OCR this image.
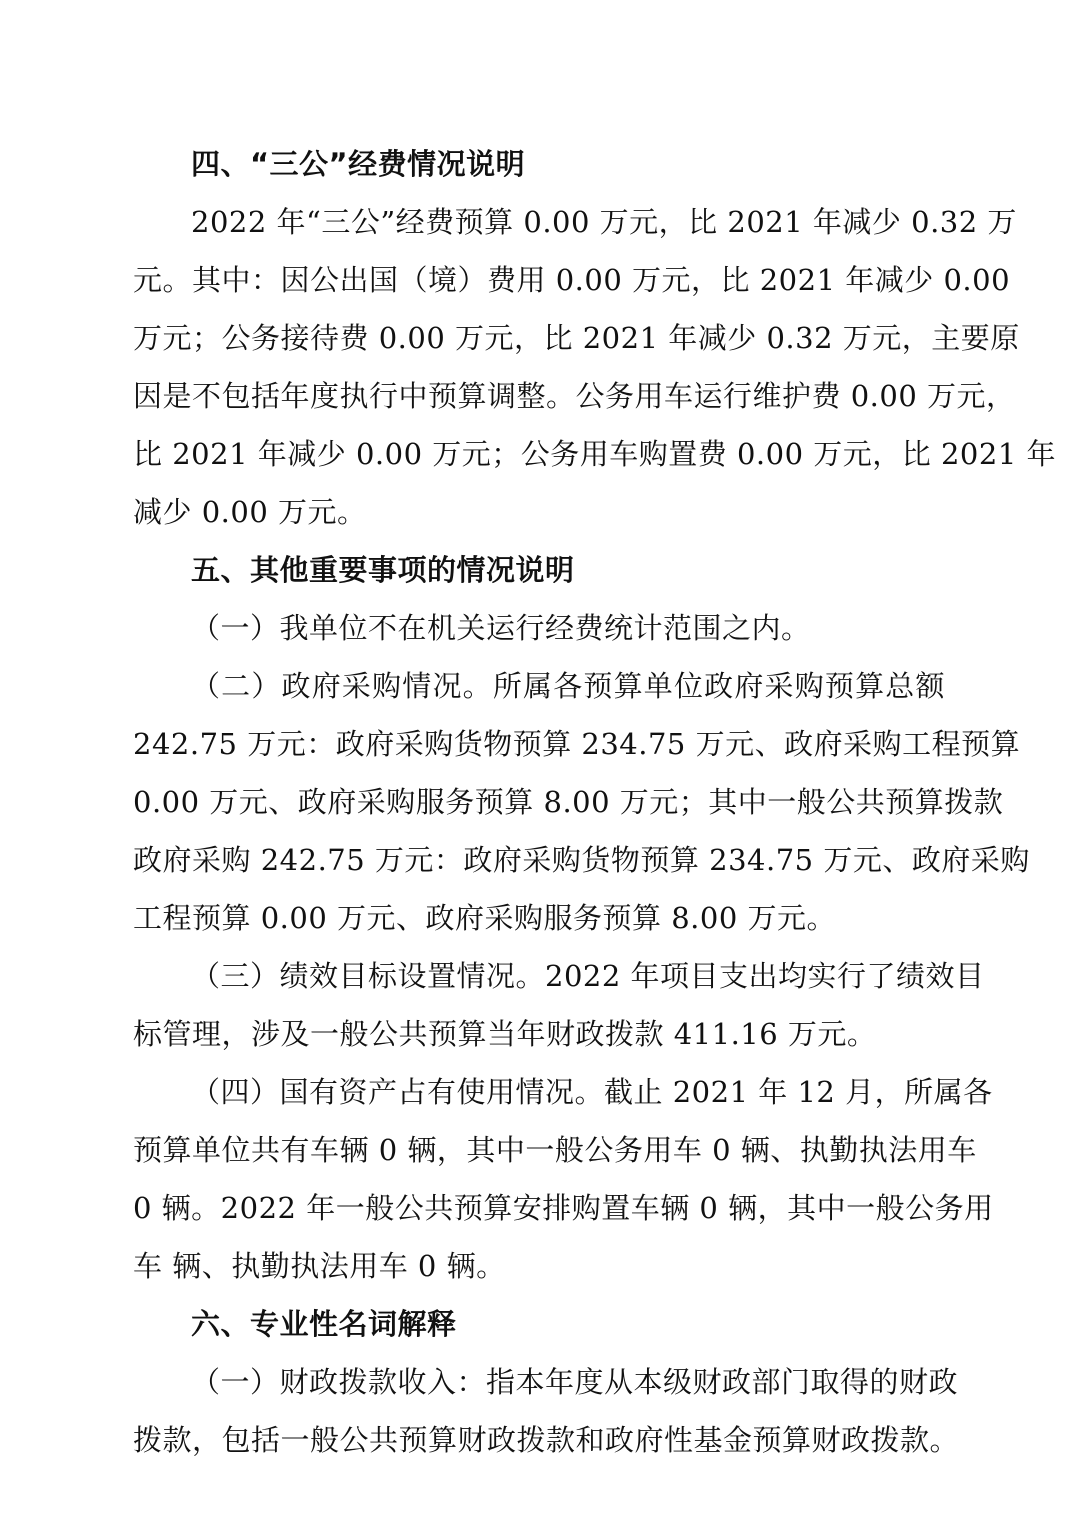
四、“三公”经费情况说明
2022 年“三公”经费预算 0.00 万元，比 2021 年减少 0.32 万
元。其中：因公出国（境）费用 0.00 万元，比 2021 年减少 0.00
万元；公务接待费 0.00 万元，比 2021 年减少 0.32 万元，主要原
因是不包括年度执行中预算调整。公务用车运行维护费 0.00 万元，
比 2021 年减少 0.00 万元；公务用车购置费 0.00 万元，比 2021 年
减少 0.00 万元。
五、其他重要事项的情况说明
（一）我单位不在机关运行经费统计范围之内。
（二）政府采购情况。所属各预算单位政府采购预算总额
242.75 万元：政府采购货物预算 234.75 万元、政府采购工程预算
0.00 万元、政府采购服务预算 8.00 万元；其中一般公共预算拨款
政府采购 242.75 万元：政府采购货物预算 234.75 万元、政府采购
工程预算 0.00 万元、政府采购服务预算 8.00 万元。
（三）绩效目标设置情况。2022 年项目支出均实行了绩效目
标管理，涉及一般公共预算当年财政拨款 411.16 万元。
（四）国有资产占有使用情况。截止 2021 年 12 月，所属各
预算单位共有车辆 0 辆，其中一般公务用车 0 辆、执勤执法用车
0 辆。2022 年一般公共预算安排购置车辆 0 辆，其中一般公务用
车 辆、执勤执法用车 0 辆。
六、专业性名词解释
（一）财政拨款收入：指本年度从本级财政部门取得的财政
拨款，包括一般公共预算财政拨款和政府性基金预算财政拨款。
